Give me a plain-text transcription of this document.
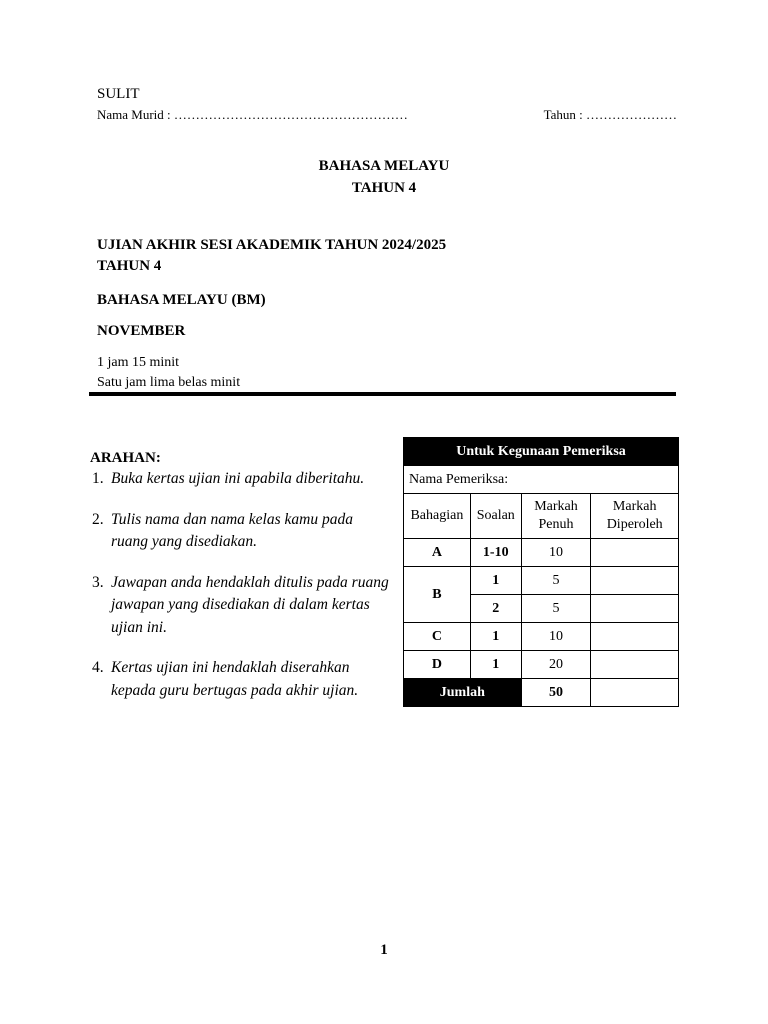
SULIT
Nama Murid : ………………………………………………	Tahun : …………………
BAHASA MELAYU
TAHUN 4
UJIAN AKHIR SESI AKADEMIK TAHUN 2024/2025
TAHUN 4
BAHASA MELAYU (BM)
NOVEMBER
1 jam 15 minit
Satu jam lima belas minit
ARAHAN:
1. Buka kertas ujian ini apabila diberitahu.
2. Tulis nama dan nama kelas kamu pada ruang yang disediakan.
3. Jawapan anda hendaklah ditulis pada ruang jawapan yang disediakan di dalam kertas ujian ini.
4. Kertas ujian ini hendaklah diserahkan kepada guru bertugas pada akhir ujian.
Untuk Kegunaan Pemeriksa			
Nama Pemeriksa:			
Bahagian	Soalan	Markah Penuh	Markah Diperoleh
A	1-10	10	
B	1	5	
	2	5	
C	1	10	
D	1	20	
Jumlah		50	
1
